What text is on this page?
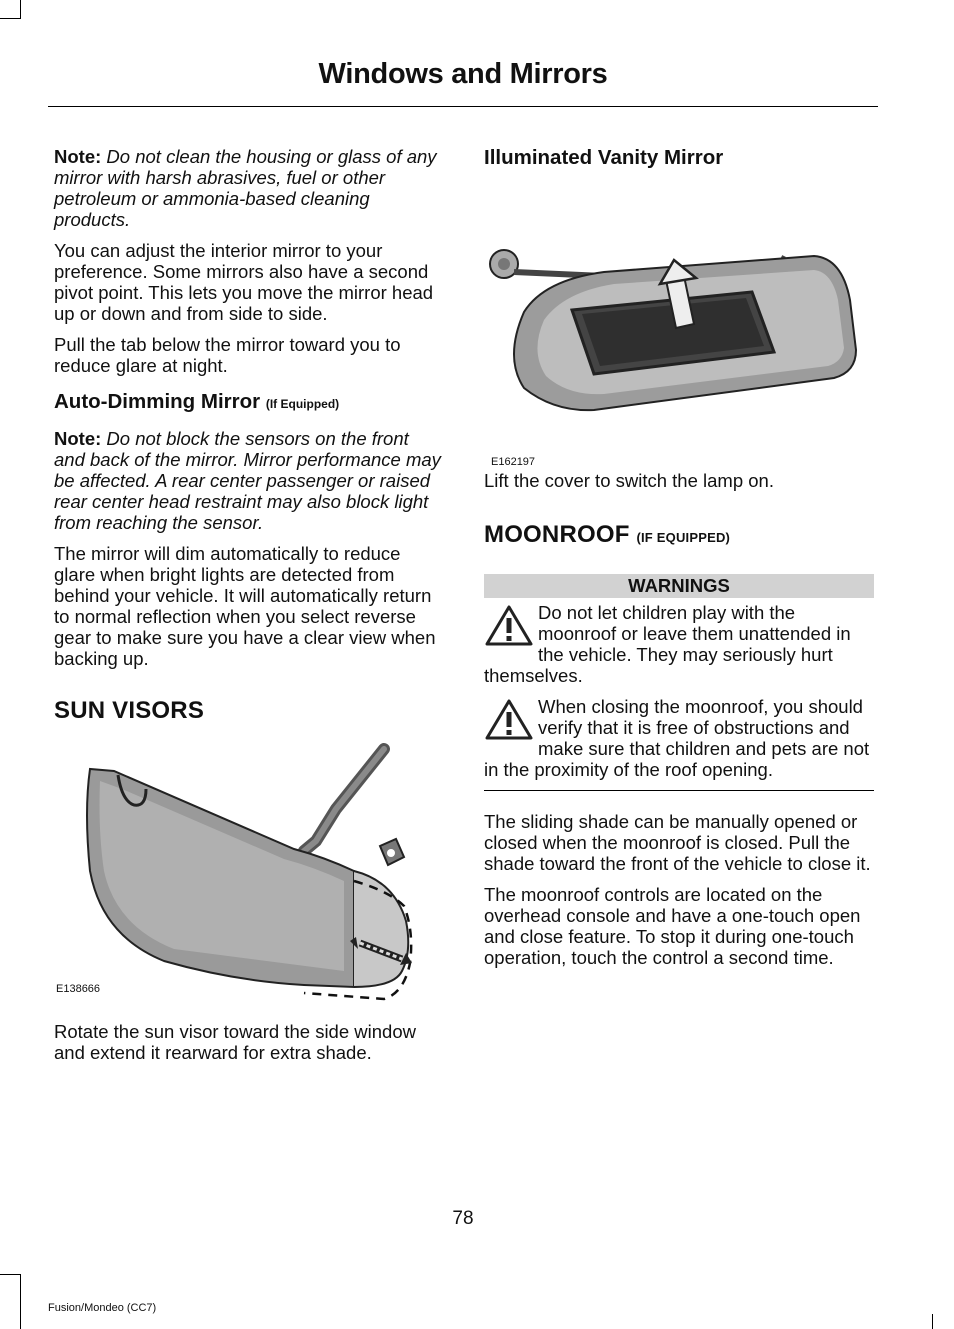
Windows and Mirrors

Note: Do not clean the housing or glass of any mirror with harsh abrasives, fuel or other petroleum or ammonia-based cleaning products.

You can adjust the interior mirror to your preference. Some mirrors also have a second pivot point. This lets you move the mirror head up or down and from side to side.

Pull the tab below the mirror toward you to reduce glare at night.

Auto-Dimming Mirror (If Equipped)

Note: Do not block the sensors on the front and back of the mirror. Mirror performance may be affected. A rear center passenger or raised rear center head restraint may also block light from reaching the sensor.

The mirror will dim automatically to reduce glare when bright lights are detected from behind your vehicle. It will automatically return to normal reflection when you select reverse gear to make sure you have a clear view when backing up.

SUN VISORS
E138666

Rotate the sun visor toward the side window and extend it rearward for extra shade.

Illuminated Vanity Mirror
E162197

Lift the cover to switch the lamp on.

MOONROOF (IF EQUIPPED)
WARNINGS
Do not let children play with the moonroof or leave them unattended in the vehicle. They may seriously hurt themselves.
When closing the moonroof, you should verify that it is free of obstructions and make sure that children and pets are not in the proximity of the roof opening.

The sliding shade can be manually opened or closed when the moonroof is closed. Pull the shade toward the front of the vehicle to close it.

The moonroof controls are located on the overhead console and have a one-touch open and close feature. To stop it during one-touch operation, touch the control a second time.

78
Fusion/Mondeo (CC7)
